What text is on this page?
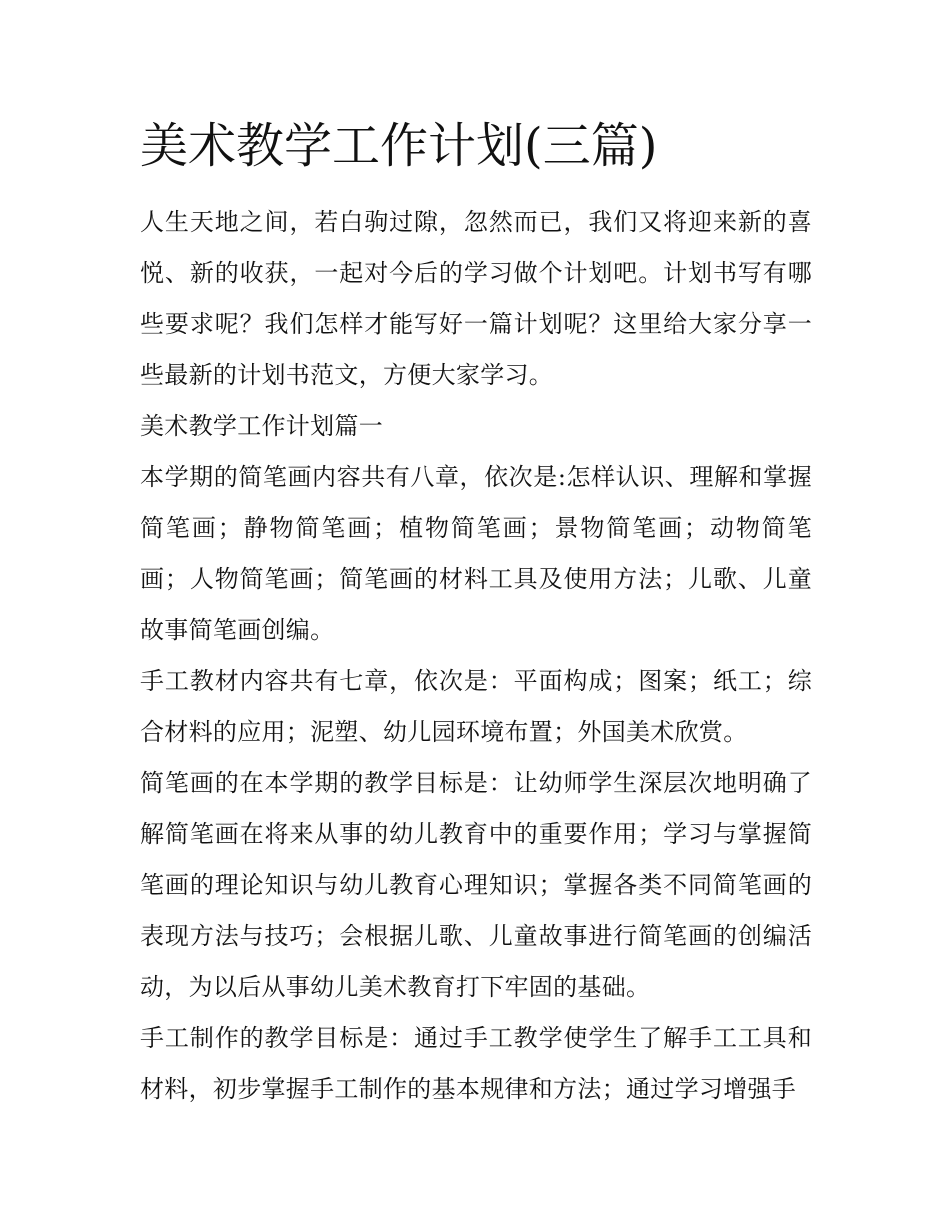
美术教学工作计划(三篇)

人生天地之间，若白驹过隙，忽然而已，我们又将迎来新的喜悦、新的收获，一起对今后的学习做个计划吧。计划书写有哪些要求呢？我们怎样才能写好一篇计划呢？这里给大家分享一些最新的计划书范文，方便大家学习。

美术教学工作计划篇一

本学期的简笔画内容共有八章，依次是:怎样认识、理解和掌握简笔画；静物简笔画；植物简笔画；景物简笔画；动物简笔画；人物简笔画；简笔画的材料工具及使用方法；儿歌、儿童故事简笔画创编。

手工教材内容共有七章，依次是：平面构成；图案；纸工；综合材料的应用；泥塑、幼儿园环境布置；外国美术欣赏。

简笔画的在本学期的教学目标是：让幼师学生深层次地明确了解简笔画在将来从事的幼儿教育中的重要作用；学习与掌握简笔画的理论知识与幼儿教育心理知识；掌握各类不同简笔画的表现方法与技巧；会根据儿歌、儿童故事进行简笔画的创编活动，为以后从事幼儿美术教育打下牢固的基础。

手工制作的教学目标是：通过手工教学使学生了解手工工具和材料，初步掌握手工制作的基本规律和方法；通过学习增强手
